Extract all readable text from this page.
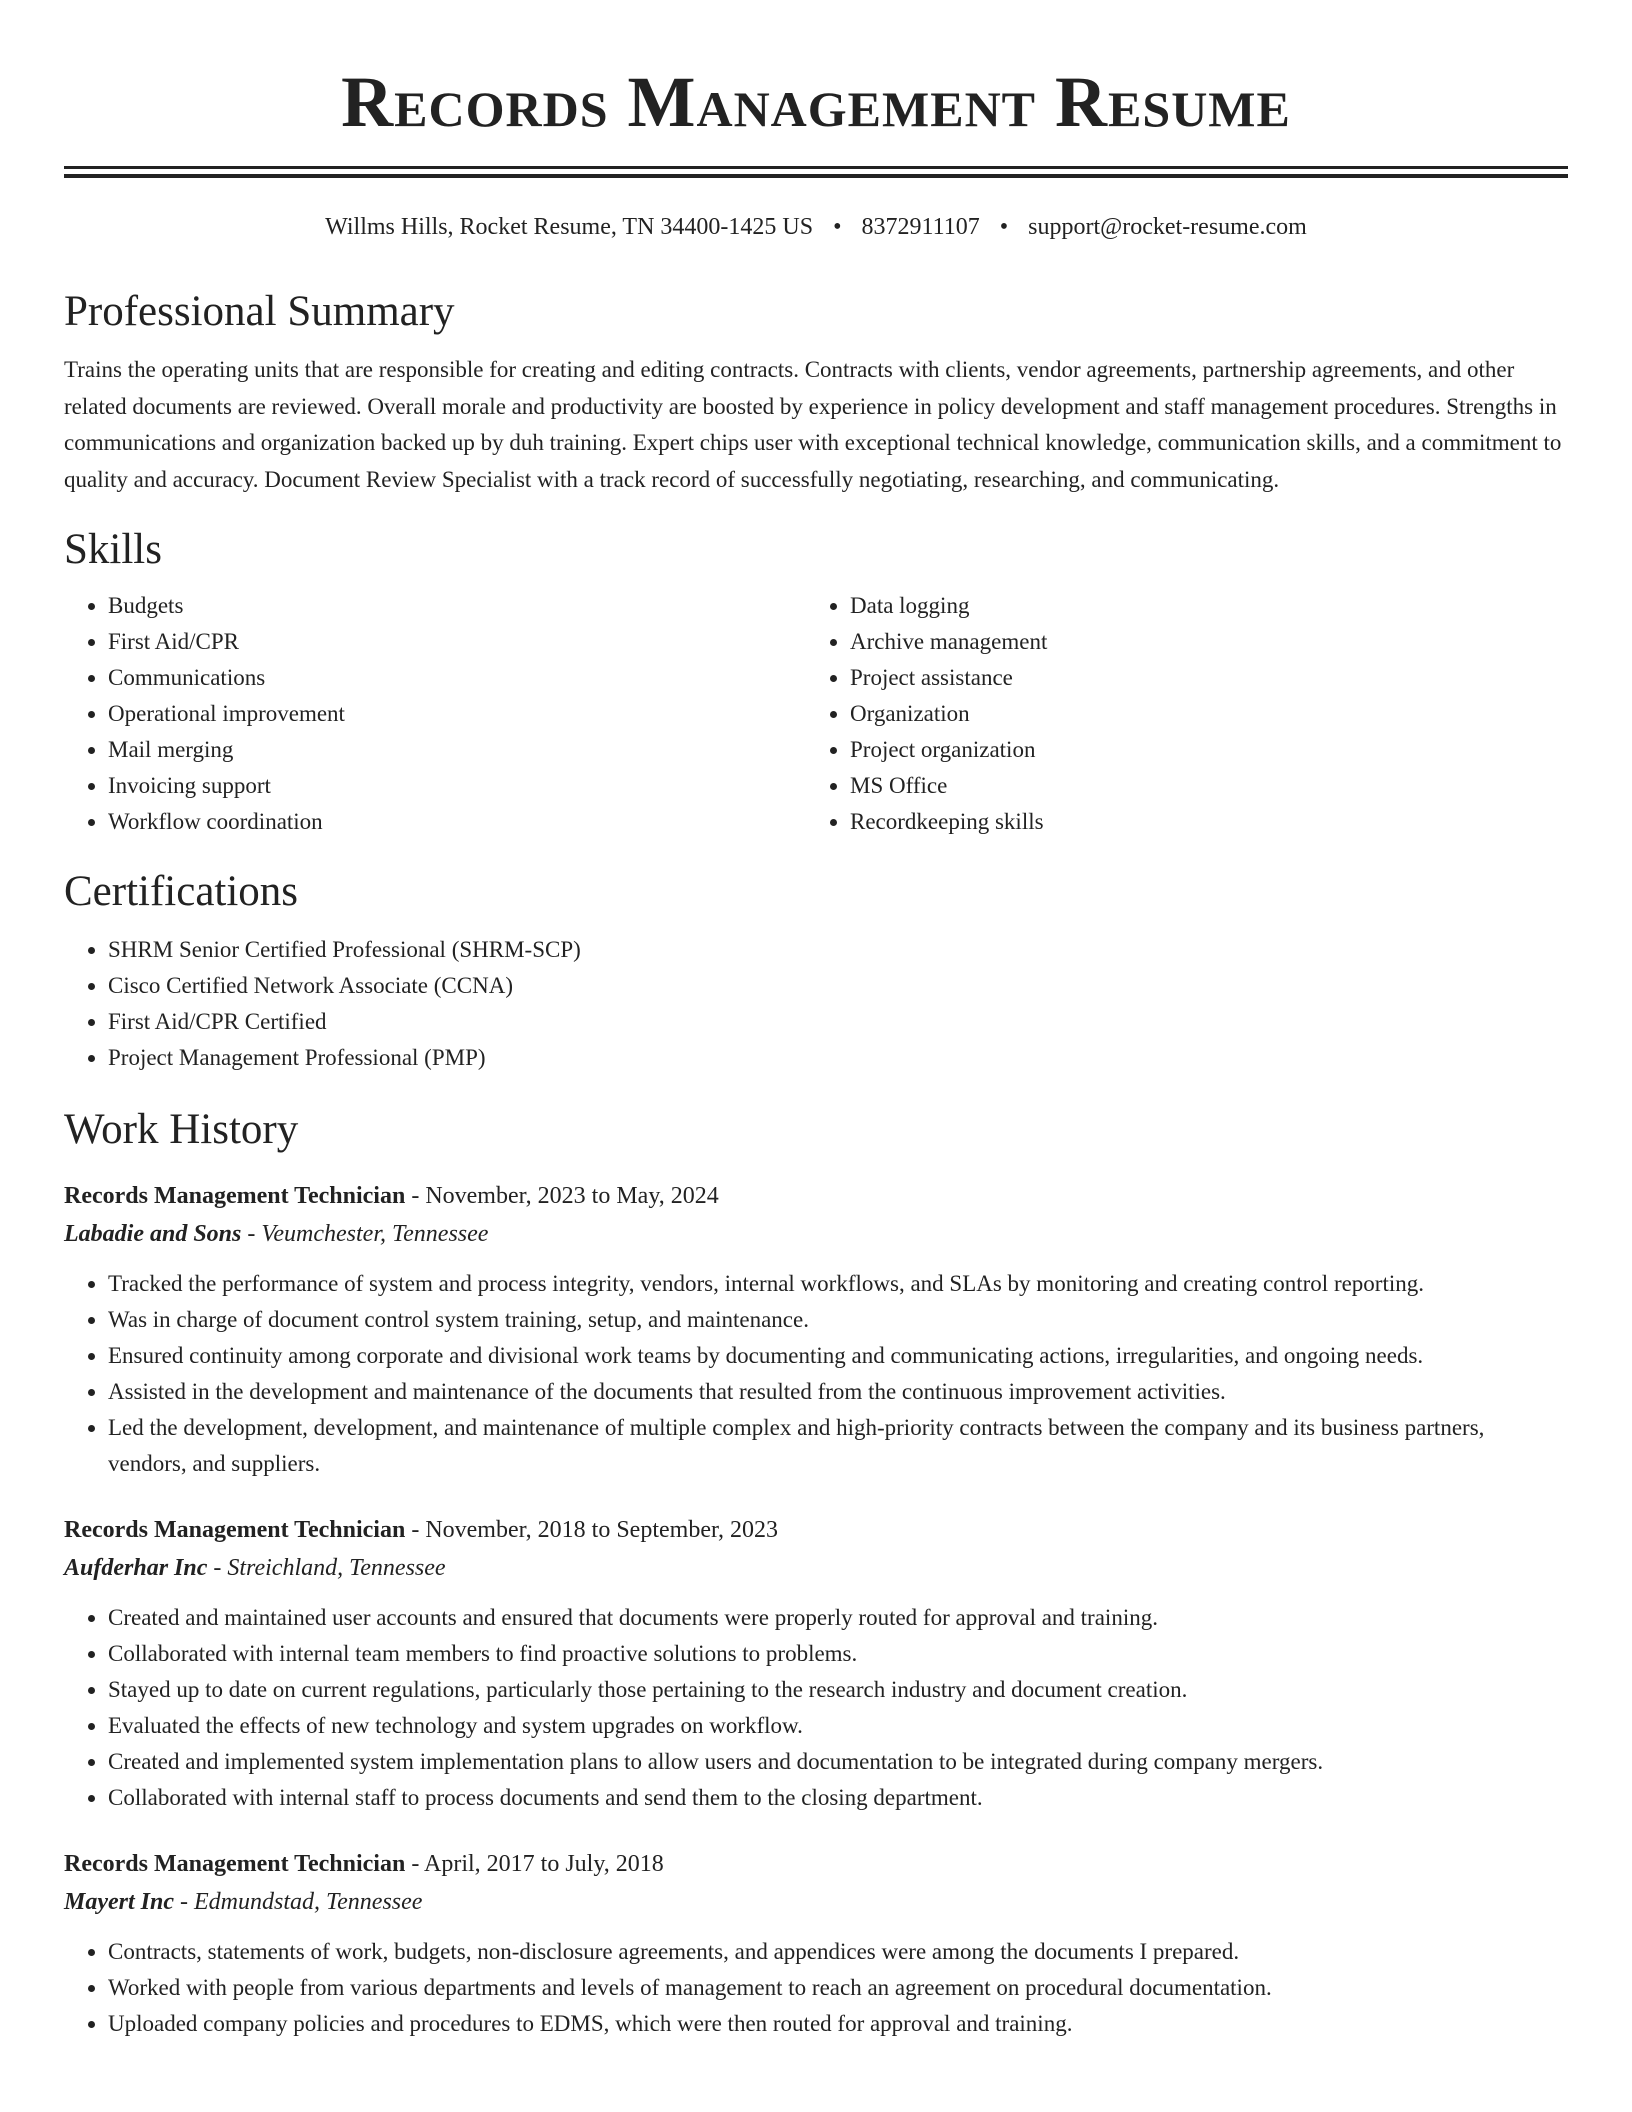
Records Management Resume
Willms Hills, Rocket Resume, TN 34400-1425 US • 8372911107 • support@rocket-resume.com
Professional Summary

Trains the operating units that are responsible for creating and editing contracts. Contracts with clients, vendor agreements, partnership agreements, and other related documents are reviewed. Overall morale and productivity are boosted by experience in policy development and staff management procedures. Strengths in communications and organization backed up by duh training. Expert chips user with exceptional technical knowledge, communication skills, and a commitment to quality and accuracy. Document Review Specialist with a track record of successfully negotiating, researching, and communicating.

Skills
• Budgets
• First Aid/CPR
• Communications
• Operational improvement
• Mail merging
• Invoicing support
• Workflow coordination
• Data logging
• Archive management
• Project assistance
• Organization
• Project organization
• MS Office
• Recordkeeping skills
Certifications
• SHRM Senior Certified Professional (SHRM-SCP)
• Cisco Certified Network Associate (CCNA)
• First Aid/CPR Certified
• Project Management Professional (PMP)
Work History
Records Management Technician - November, 2023 to May, 2024
Labadie and Sons - Veumchester, Tennessee
• Tracked the performance of system and process integrity, vendors, internal workflows, and SLAs by monitoring and creating control reporting.
• Was in charge of document control system training, setup, and maintenance.
• Ensured continuity among corporate and divisional work teams by documenting and communicating actions, irregularities, and ongoing needs.
• Assisted in the development and maintenance of the documents that resulted from the continuous improvement activities.
• Led the development, development, and maintenance of multiple complex and high-priority contracts between the company and its business partners, vendors, and suppliers.
Records Management Technician - November, 2018 to September, 2023
Aufderhar Inc - Streichland, Tennessee
• Created and maintained user accounts and ensured that documents were properly routed for approval and training.
• Collaborated with internal team members to find proactive solutions to problems.
• Stayed up to date on current regulations, particularly those pertaining to the research industry and document creation.
• Evaluated the effects of new technology and system upgrades on workflow.
• Created and implemented system implementation plans to allow users and documentation to be integrated during company mergers.
• Collaborated with internal staff to process documents and send them to the closing department.
Records Management Technician - April, 2017 to July, 2018
Mayert Inc - Edmundstad, Tennessee
• Contracts, statements of work, budgets, non-disclosure agreements, and appendices were among the documents I prepared.
• Worked with people from various departments and levels of management to reach an agreement on procedural documentation.
• Uploaded company policies and procedures to EDMS, which were then routed for approval and training.
